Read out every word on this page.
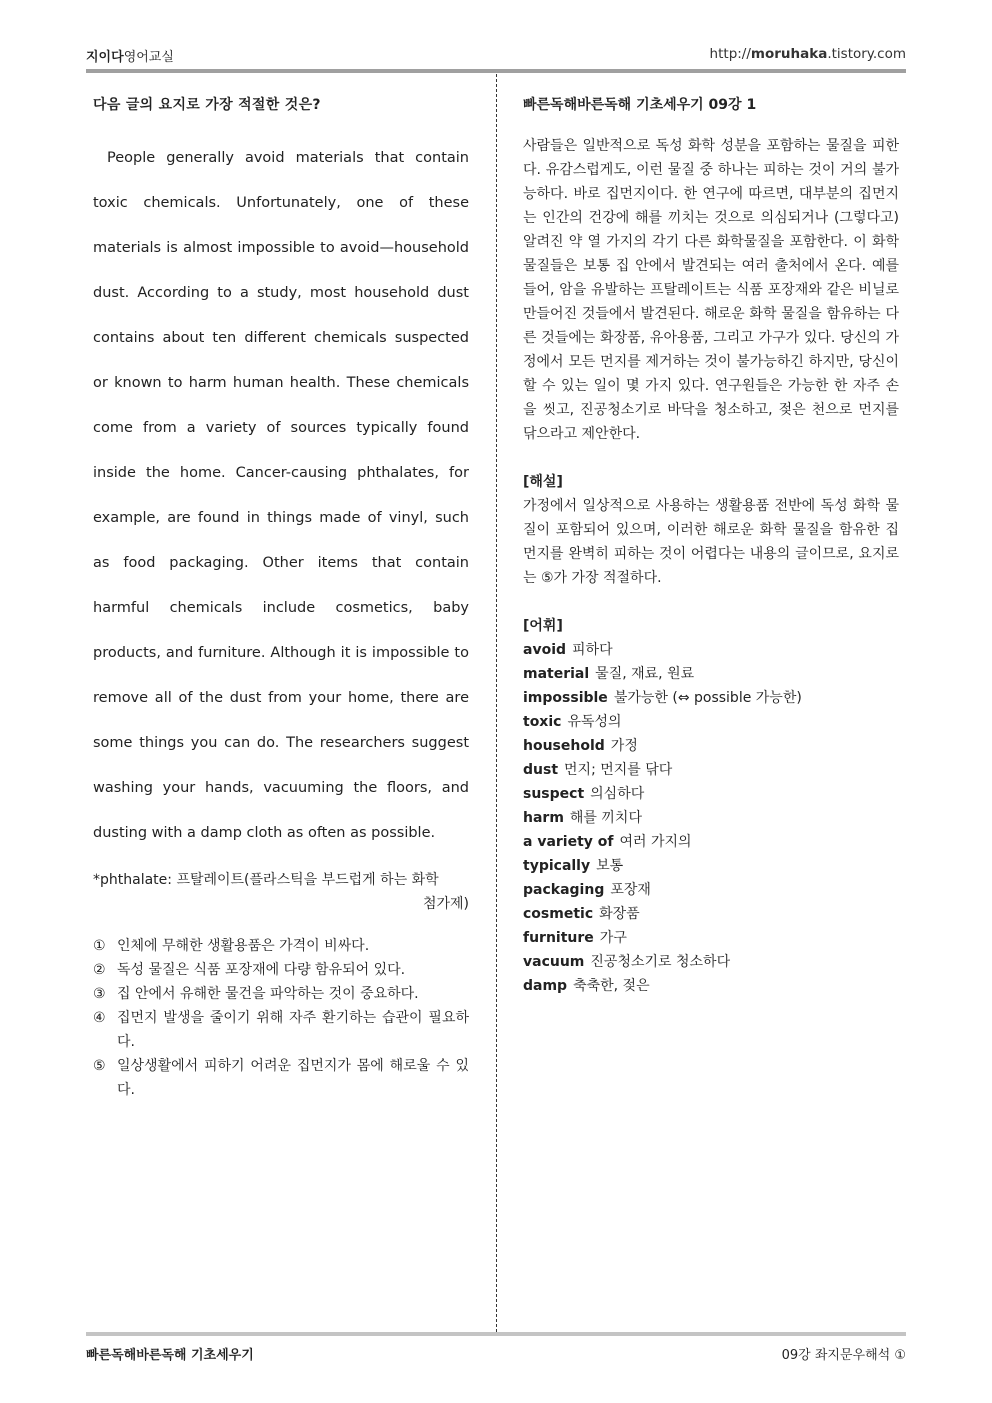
지이다영어교실	http://moruhaka.tistory.com
다음 글의 요지로 가장 적절한 것은?
People generally avoid materials that contain toxic chemicals. Unfortunately, one of these materials is almost impossible to avoid—household dust. According to a study, most household dust contains about ten different chemicals suspected or known to harm human health. These chemicals come from a variety of sources typically found inside the home. Cancer-causing phthalates, for example, are found in things made of vinyl, such as food packaging. Other items that contain harmful chemicals include cosmetics, baby products, and furniture. Although it is impossible to remove all of the dust from your home, there are some things you can do. The researchers suggest washing your hands, vacuuming the floors, and dusting with a damp cloth as often as possible.
*phthalate: 프탈레이트(플라스틱을 부드럽게 하는 화학
첨가제)
① 인체에 무해한 생활용품은 가격이 비싸다.
② 독성 물질은 식품 포장재에 다량 함유되어 있다.
③ 집 안에서 유해한 물건을 파악하는 것이 중요하다.
④ 집먼지 발생을 줄이기 위해 자주 환기하는 습관이 필요하다.
⑤ 일상생활에서 피하기 어려운 집먼지가 몸에 해로울 수 있다.
빠른독해바른독해 기초세우기 09강 1
사람들은 일반적으로 독성 화학 성분을 포함하는 물질을 피한다. 유감스럽게도, 이런 물질 중 하나는 피하는 것이 거의 불가능하다. 바로 집먼지이다. 한 연구에 따르면, 대부분의 집먼지는 인간의 건강에 해를 끼치는 것으로 의심되거나 (그렇다고) 알려진 약 열 가지의 각기 다른 화학물질을 포함한다. 이 화학 물질들은 보통 집 안에서 발견되는 여러 출처에서 온다. 예를 들어, 암을 유발하는 프탈레이트는 식품 포장재와 같은 비닐로 만들어진 것들에서 발견된다. 해로운 화학 물질을 함유하는 다른 것들에는 화장품, 유아용품, 그리고 가구가 있다. 당신의 가정에서 모든 먼지를 제거하는 것이 불가능하긴 하지만, 당신이 할 수 있는 일이 몇 가지 있다. 연구원들은 가능한 한 자주 손을 씻고, 진공청소기로 바닥을 청소하고, 젖은 천으로 먼지를 닦으라고 제안한다.
[해설]
가정에서 일상적으로 사용하는 생활용품 전반에 독성 화학 물질이 포함되어 있으며, 이러한 해로운 화학 물질을 함유한 집먼지를 완벽히 피하는 것이 어렵다는 내용의 글이므로, 요지로는 ⑤가 가장 적절하다.
[어휘]
avoid 피하다
material 물질, 재료, 원료
impossible 불가능한 (⇔ possible 가능한)
toxic 유독성의
household 가정
dust 먼지; 먼지를 닦다
suspect 의심하다
harm 해를 끼치다
a variety of 여러 가지의
typically 보통
packaging 포장재
cosmetic 화장품
furniture 가구
vacuum 진공청소기로 청소하다
damp 축축한, 젖은
빠른독해바른독해 기초세우기	09강 좌지문우해석 ①
